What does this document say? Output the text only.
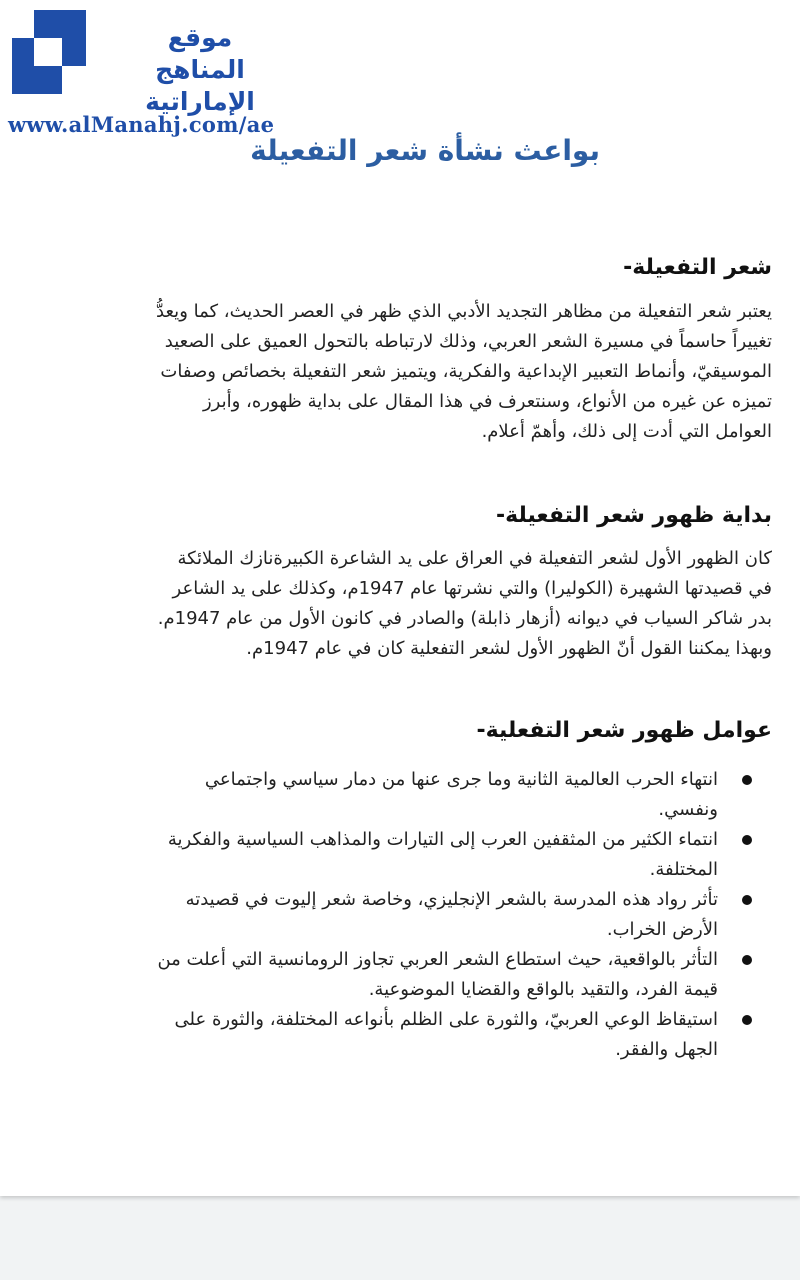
موقع
المناهج الإماراتية
www.alManahj.com/ae
بواعث نشأة شعر التفعيلة
شعر التفعيلة-

يعتبر شعر التفعيلة من مظاهر التجديد الأدبي الذي ظهر في العصر الحديث، كما ويعدُّ
تغييراً حاسماً في مسيرة الشعر العربي، وذلك لارتباطه بالتحول العميق على الصعيد
الموسيقيّ، وأنماط التعبير الإبداعية والفكرية، ويتميز شعر التفعيلة بخصائص وصفات
تميزه عن غيره من الأنواع، وسنتعرف في هذا المقال على بداية ظهوره، وأبرز
العوامل التي أدت إلى ذلك، وأهمّ أعلام.

بداية ظهور شعر التفعيلة-

كان الظهور الأول لشعر التفعيلة في العراق على يد الشاعرة الكبيرةنازك الملائكة
في قصيدتها الشهيرة (الكوليرا) والتي نشرتها عام 1947م، وكذلك على يد الشاعر
بدر شاكر السياب في ديوانه (أزهار ذابلة) والصادر في كانون الأول من عام 1947م.
وبهذا يمكننا القول أنّ الظهور الأول لشعر التفعلية كان في عام 1947م.

عوامل ظهور شعر التفعلية-
انتهاء الحرب العالمية الثانية وما جرى عنها من دمار سياسي واجتماعي
ونفسي.
انتماء الكثير من المثقفين العرب إلى التيارات والمذاهب السياسية والفكرية
المختلفة.
تأثر رواد هذه المدرسة بالشعر الإنجليزي، وخاصة شعر إليوت في قصيدته
الأرض الخراب.
التأثر بالواقعية، حيث استطاع الشعر العربي تجاوز الرومانسية التي أعلت من
قيمة الفرد، والتقيد بالواقع والقضايا الموضوعية.
استيقاظ الوعي العربيّ، والثورة على الظلم بأنواعه المختلفة، والثورة على
الجهل والفقر.
